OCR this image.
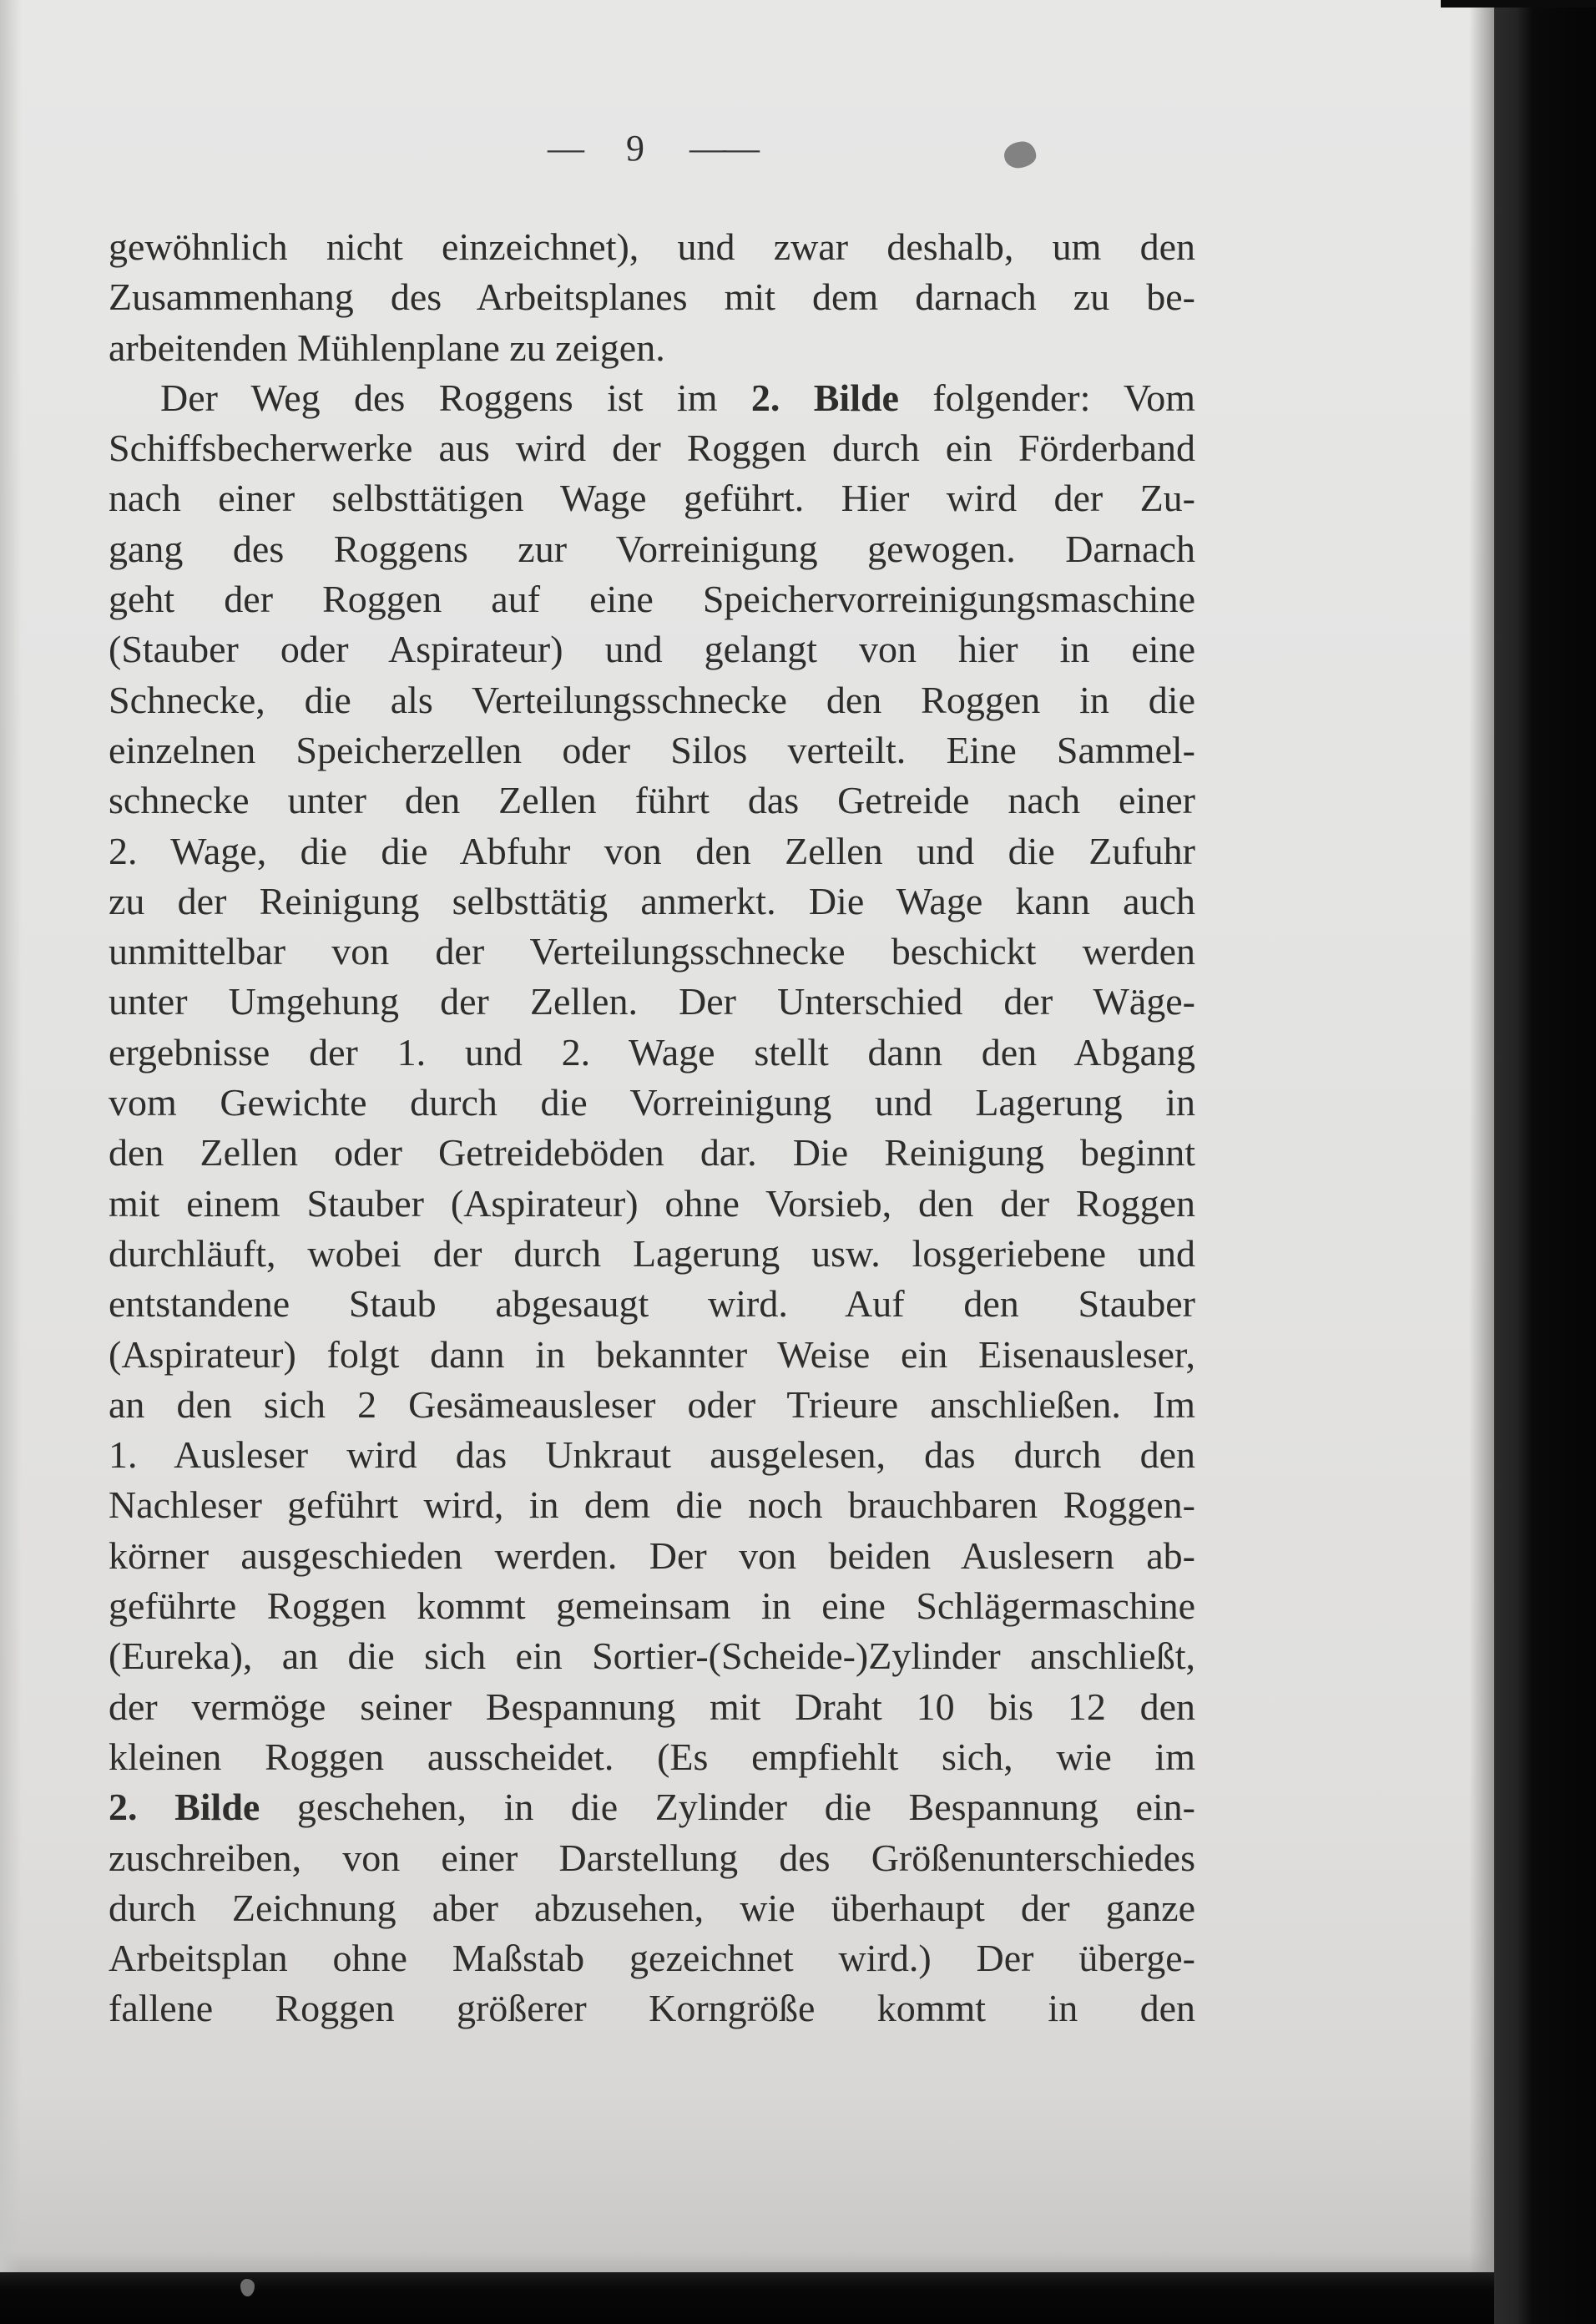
— 9 ——
gewöhnlich nicht einzeichnet), und zwar deshalb, um den
Zusammenhang des Arbeitsplanes mit dem darnach zu be-
arbeitenden Mühlenplane zu zeigen.
Der Weg des Roggens ist im 2. Bilde folgender: Vom
Schiffsbecherwerke aus wird der Roggen durch ein Förderband
nach einer selbsttätigen Wage geführt. Hier wird der Zu-
gang des Roggens zur Vorreinigung gewogen. Darnach
geht der Roggen auf eine Speichervorreinigungsmaschine
(Stauber oder Aspirateur) und gelangt von hier in eine
Schnecke, die als Verteilungsschnecke den Roggen in die
einzelnen Speicherzellen oder Silos verteilt. Eine Sammel-
schnecke unter den Zellen führt das Getreide nach einer
2. Wage, die die Abfuhr von den Zellen und die Zufuhr
zu der Reinigung selbsttätig anmerkt. Die Wage kann auch
unmittelbar von der Verteilungsschnecke beschickt werden
unter Umgehung der Zellen. Der Unterschied der Wäge-
ergebnisse der 1. und 2. Wage stellt dann den Abgang
vom Gewichte durch die Vorreinigung und Lagerung in
den Zellen oder Getreideböden dar. Die Reinigung beginnt
mit einem Stauber (Aspirateur) ohne Vorsieb, den der Roggen
durchläuft, wobei der durch Lagerung usw. losgeriebene und
entstandene Staub abgesaugt wird. Auf den Stauber
(Aspirateur) folgt dann in bekannter Weise ein Eisenausleser,
an den sich 2 Gesämeausleser oder Trieure anschließen. Im
1. Ausleser wird das Unkraut ausgelesen, das durch den
Nachleser geführt wird, in dem die noch brauchbaren Roggen-
körner ausgeschieden werden. Der von beiden Auslesern ab-
geführte Roggen kommt gemeinsam in eine Schlägermaschine
(Eureka), an die sich ein Sortier-(Scheide-)Zylinder anschließt,
der vermöge seiner Bespannung mit Draht 10 bis 12 den
kleinen Roggen ausscheidet. (Es empfiehlt sich, wie im
2. Bilde geschehen, in die Zylinder die Bespannung ein-
zuschreiben, von einer Darstellung des Größenunterschiedes
durch Zeichnung aber abzusehen, wie überhaupt der ganze
Arbeitsplan ohne Maßstab gezeichnet wird.) Der überge-
fallene Roggen größerer Korngröße kommt in den
